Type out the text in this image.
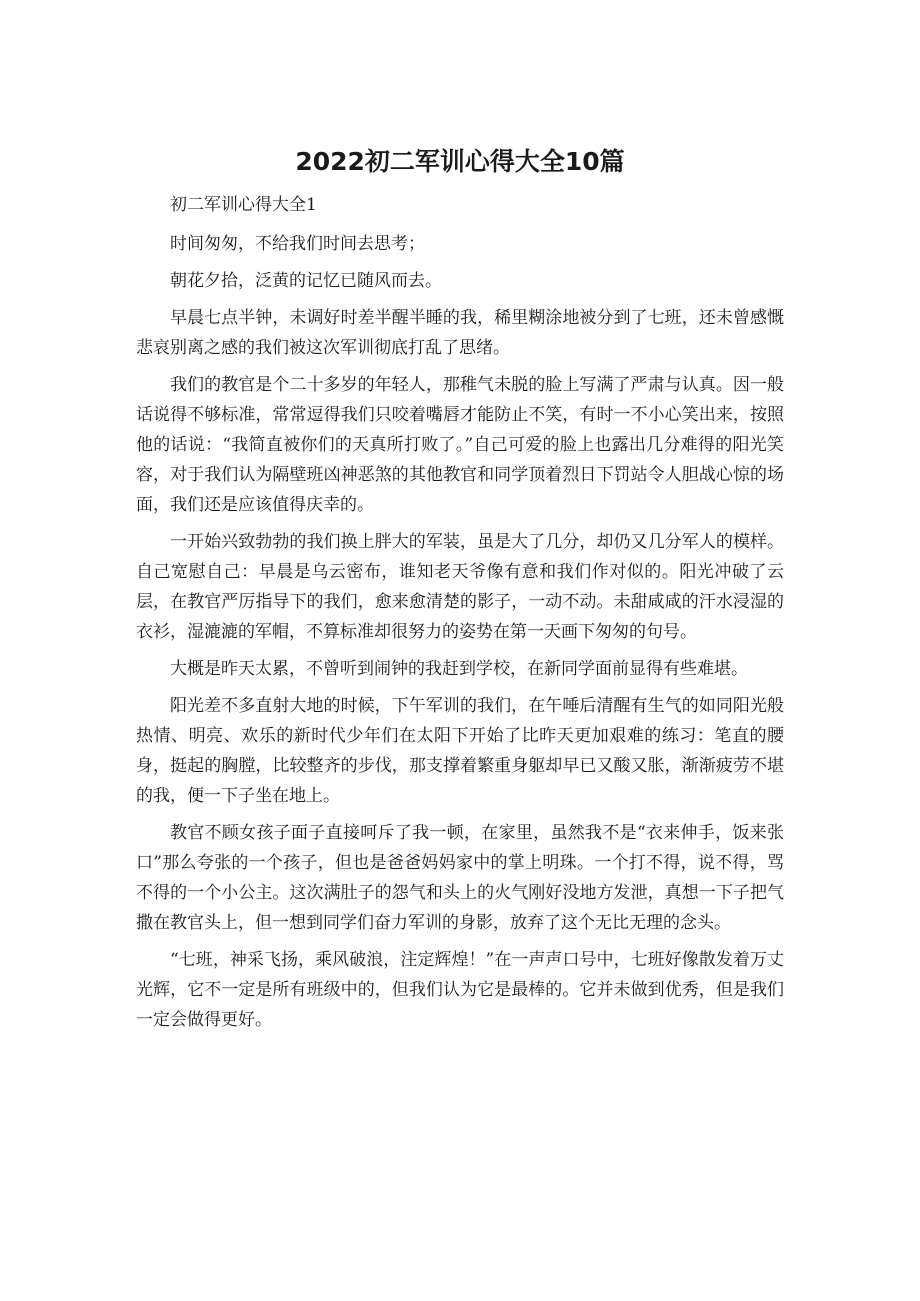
2022初二军训心得大全10篇

初二军训心得大全1

时间匆匆，不给我们时间去思考；

朝花夕拾，泛黄的记忆已随风而去。

早晨七点半钟，未调好时差半醒半睡的我，稀里糊涂地被分到了七班，还未曾感慨悲哀别离之感的我们被这次军训彻底打乱了思绪。

我们的教官是个二十多岁的年轻人，那稚气未脱的脸上写满了严肃与认真。因一般话说得不够标准，常常逗得我们只咬着嘴唇才能防止不笑，有时一不小心笑出来，按照他的话说：“我简直被你们的天真所打败了。”自己可爱的脸上也露出几分难得的阳光笑容，对于我们认为隔壁班凶神恶煞的其他教官和同学顶着烈日下罚站令人胆战心惊的场面，我们还是应该值得庆幸的。

一开始兴致勃勃的我们换上胖大的军装，虽是大了几分，却仍又几分军人的模样。自己宽慰自己：早晨是乌云密布，谁知老天爷像有意和我们作对似的。阳光冲破了云层，在教官严厉指导下的我们，愈来愈清楚的影子，一动不动。未甜咸咸的汗水浸湿的衣衫，湿漉漉的军帽，不算标准却很努力的姿势在第一天画下匆匆的句号。

大概是昨天太累，不曾听到闹钟的我赶到学校，在新同学面前显得有些难堪。

阳光差不多直射大地的时候，下午军训的我们，在午唾后清醒有生气的如同阳光般热情、明亮、欢乐的新时代少年们在太阳下开始了比昨天更加艰难的练习：笔直的腰身，挺起的胸膛，比较整齐的步伐，那支撑着繁重身躯却早已又酸又胀，渐渐疲劳不堪的我，便一下子坐在地上。

教官不顾女孩子面子直接呵斥了我一顿，在家里，虽然我不是“衣来伸手，饭来张口”那么夸张的一个孩子，但也是爸爸妈妈家中的掌上明珠。一个打不得，说不得，骂不得的一个小公主。这次满肚子的怨气和头上的火气刚好没地方发泄，真想一下子把气撒在教官头上，但一想到同学们奋力军训的身影，放弃了这个无比无理的念头。

“七班，神采飞扬，乘风破浪，注定辉煌！”在一声声口号中，七班好像散发着万丈光辉，它不一定是所有班级中的，但我们认为它是最棒的。它并未做到优秀，但是我们一定会做得更好。
